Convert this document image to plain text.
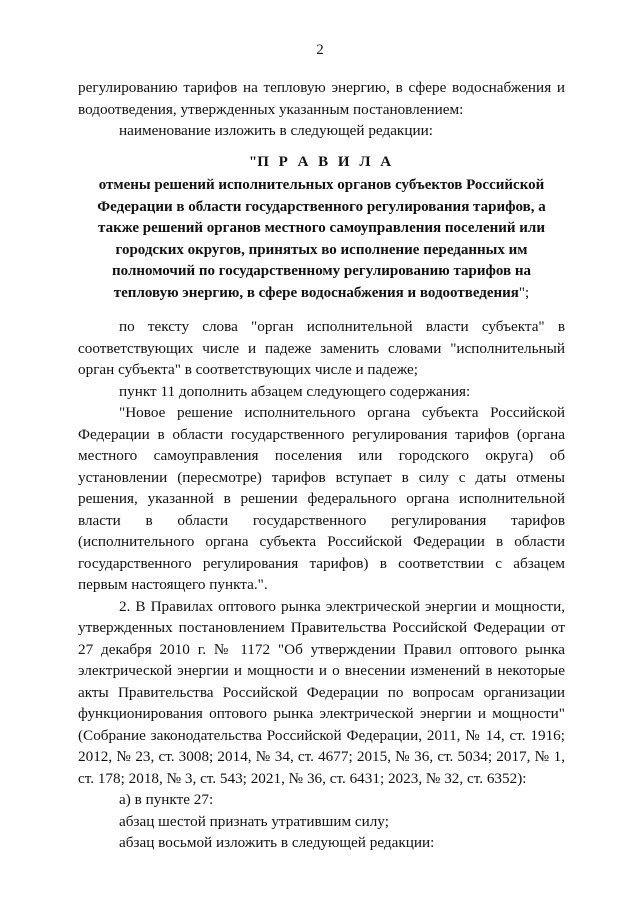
2

регулированию тарифов на тепловую энергию, в сфере водоснабжения и водоотведения, утвержденных указанным постановлением:

наименование изложить в следующей редакции:

"П Р А В И Л А

отмены решений исполнительных органов субъектов Российской Федерации в области государственного регулирования тарифов, а также решений органов местного самоуправления поселений или городских округов, принятых во исполнение переданных им полномочий по государственному регулированию тарифов на тепловую энергию, в сфере водоснабжения и водоотведения";

по тексту слова "орган исполнительной власти субъекта" в соответствующих числе и падеже заменить словами "исполнительный орган субъекта" в соответствующих числе и падеже;

пункт 11 дополнить абзацем следующего содержания:

"Новое решение исполнительного органа субъекта Российской Федерации в области государственного регулирования тарифов (органа местного самоуправления поселения или городского округа) об установлении (пересмотре) тарифов вступает в силу с даты отмены решения, указанной в решении федерального органа исполнительной власти в области государственного регулирования тарифов (исполнительного органа субъекта Российской Федерации в области государственного регулирования тарифов) в соответствии с абзацем первым настоящего пункта.".

2. В Правилах оптового рынка электрической энергии и мощности, утвержденных постановлением Правительства Российской Федерации от 27 декабря 2010 г. № 1172 "Об утверждении Правил оптового рынка электрической энергии и мощности и о внесении изменений в некоторые акты Правительства Российской Федерации по вопросам организации функционирования оптового рынка электрической энергии и мощности" (Собрание законодательства Российской Федерации, 2011, № 14, ст. 1916; 2012, № 23, ст. 3008; 2014, № 34, ст. 4677; 2015, № 36, ст. 5034; 2017, № 1, ст. 178; 2018, № 3, ст. 543; 2021, № 36, ст. 6431; 2023, № 32, ст. 6352):

а) в пункте 27:

абзац шестой признать утратившим силу;

абзац восьмой изложить в следующей редакции:
